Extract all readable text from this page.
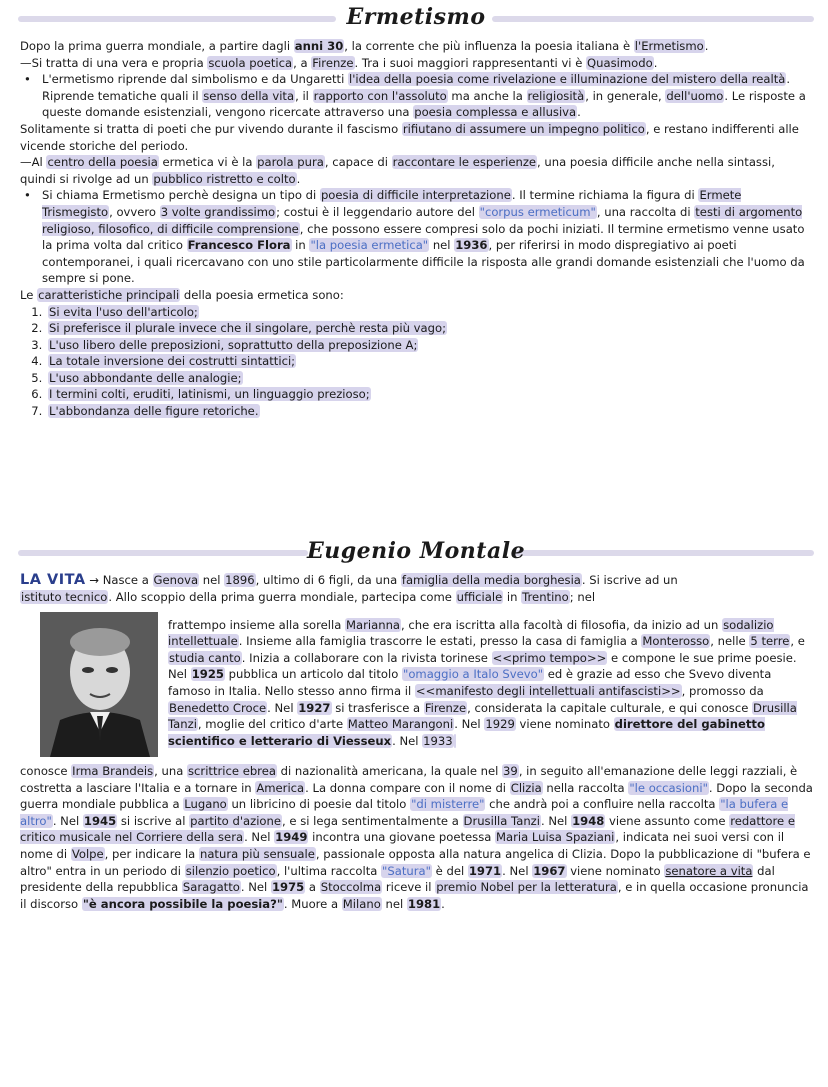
Ermetismo

Dopo la prima guerra mondiale, a partire dagli anni 30, la corrente che più influenza la poesia italiana è l'Ermetismo.

—Si tratta di una vera e propria scuola poetica, a Firenze. Tra i suoi maggiori rappresentanti vi è Quasimodo.

• L'ermetismo riprende dal simbolismo e da Ungaretti l'idea della poesia come rivelazione e illuminazione del mistero della realtà. Riprende tematiche quali il senso della vita, il rapporto con l'assoluto ma anche la religiosità, in generale, dell'uomo. Le risposte a queste domande esistenziali, vengono ricercate attraverso una poesia complessa e allusiva.

Solitamente si tratta di poeti che pur vivendo durante il fascismo rifiutano di assumere un impegno politico, e restano indifferenti alle vicende storiche del periodo.

—Al centro della poesia ermetica vi è la parola pura, capace di raccontare le esperienze, una poesia difficile anche nella sintassi, quindi si rivolge ad un pubblico ristretto e colto.

• Si chiama Ermetismo perchè designa un tipo di poesia di difficile interpretazione. Il termine richiama la figura di Ermete Trismegisto, ovvero 3 volte grandissimo; costui è il leggendario autore del "corpus ermeticum", una raccolta di testi di argomento religioso, filosofico, di difficile comprensione, che possono essere compresi solo da pochi iniziati. Il termine ermetismo venne usato la prima volta dal critico Francesco Flora in "la poesia ermetica" nel 1936, per riferirsi in modo dispregiativo ai poeti contemporanei, i quali ricercavano con uno stile particolarmente difficile la risposta alle grandi domande esistenziali che l'uomo da sempre si pone.

Le caratteristiche principali della poesia ermetica sono:

1. Si evita l'uso dell'articolo;
2. Si preferisce il plurale invece che il singolare, perchè resta più vago;
3. L'uso libero delle preposizioni, soprattutto della preposizione A;
4. La totale inversione dei costrutti sintattici;
5. L'uso abbondante delle analogie;
6. I termini colti, eruditi, latinismi, un linguaggio prezioso;
7. L'abbondanza delle figure retoriche.
Eugenio Montale

LA VITA → Nasce a Genova nel 1896, ultimo di 6 figli, da una famiglia della media borghesia. Si iscrive ad un

istituto tecnico. Allo scoppio della prima guerra mondiale, partecipa come ufficiale in Trentino; nel

frattempo insieme alla sorella Marianna, che era iscritta alla facoltà di filosofia, da inizio ad un sodalizio intellettuale. Insieme alla famiglia trascorre le estati, presso la casa di famiglia a Monterosso, nelle 5 terre, e studia canto. Inizia a collaborare con la rivista torinese <<primo tempo>> e compone le sue prime poesie. Nel 1925 pubblica un articolo dal titolo "omaggio a Italo Svevo" ed è grazie ad esso che Svevo diventa famoso in Italia. Nello stesso anno firma il <<manifesto degli intellettuali antifascisti>>, promosso da Benedetto Croce. Nel 1927 si trasferisce a Firenze, considerata la capitale culturale, e qui conosce Drusilla Tanzi, moglie del critico d'arte Matteo Marangoni. Nel 1929 viene nominato direttore del gabinetto scientifico e letterario di Viesseux. Nel 1933

conosce Irma Brandeis, una scrittrice ebrea di nazionalità americana, la quale nel 39, in seguito all'emanazione delle leggi razziali, è costretta a lasciare l'Italia e a tornare in America. La donna compare con il nome di Clizia nella raccolta "le occasioni". Dopo la seconda guerra mondiale pubblica a Lugano un libricino di poesie dal titolo "di misterre" che andrà poi a confluire nella raccolta "la bufera e altro". Nel 1945 si iscrive al partito d'azione, e si lega sentimentalmente a Drusilla Tanzi. Nel 1948 viene assunto come redattore e critico musicale nel Corriere della sera. Nel 1949 incontra una giovane poetessa Maria Luisa Spaziani, indicata nei suoi versi con il nome di Volpe, per indicare la natura più sensuale, passionale opposta alla natura angelica di Clizia. Dopo la pubblicazione di "bufera e altro" entra in un periodo di silenzio poetico, l'ultima raccolta "Satura" è del 1971. Nel 1967 viene nominato senatore a vita dal presidente della repubblica Saragatto. Nel 1975 a Stoccolma riceve il premio Nobel per la letteratura, e in quella occasione pronuncia il discorso "è ancora possibile la poesia?". Muore a Milano nel 1981.
